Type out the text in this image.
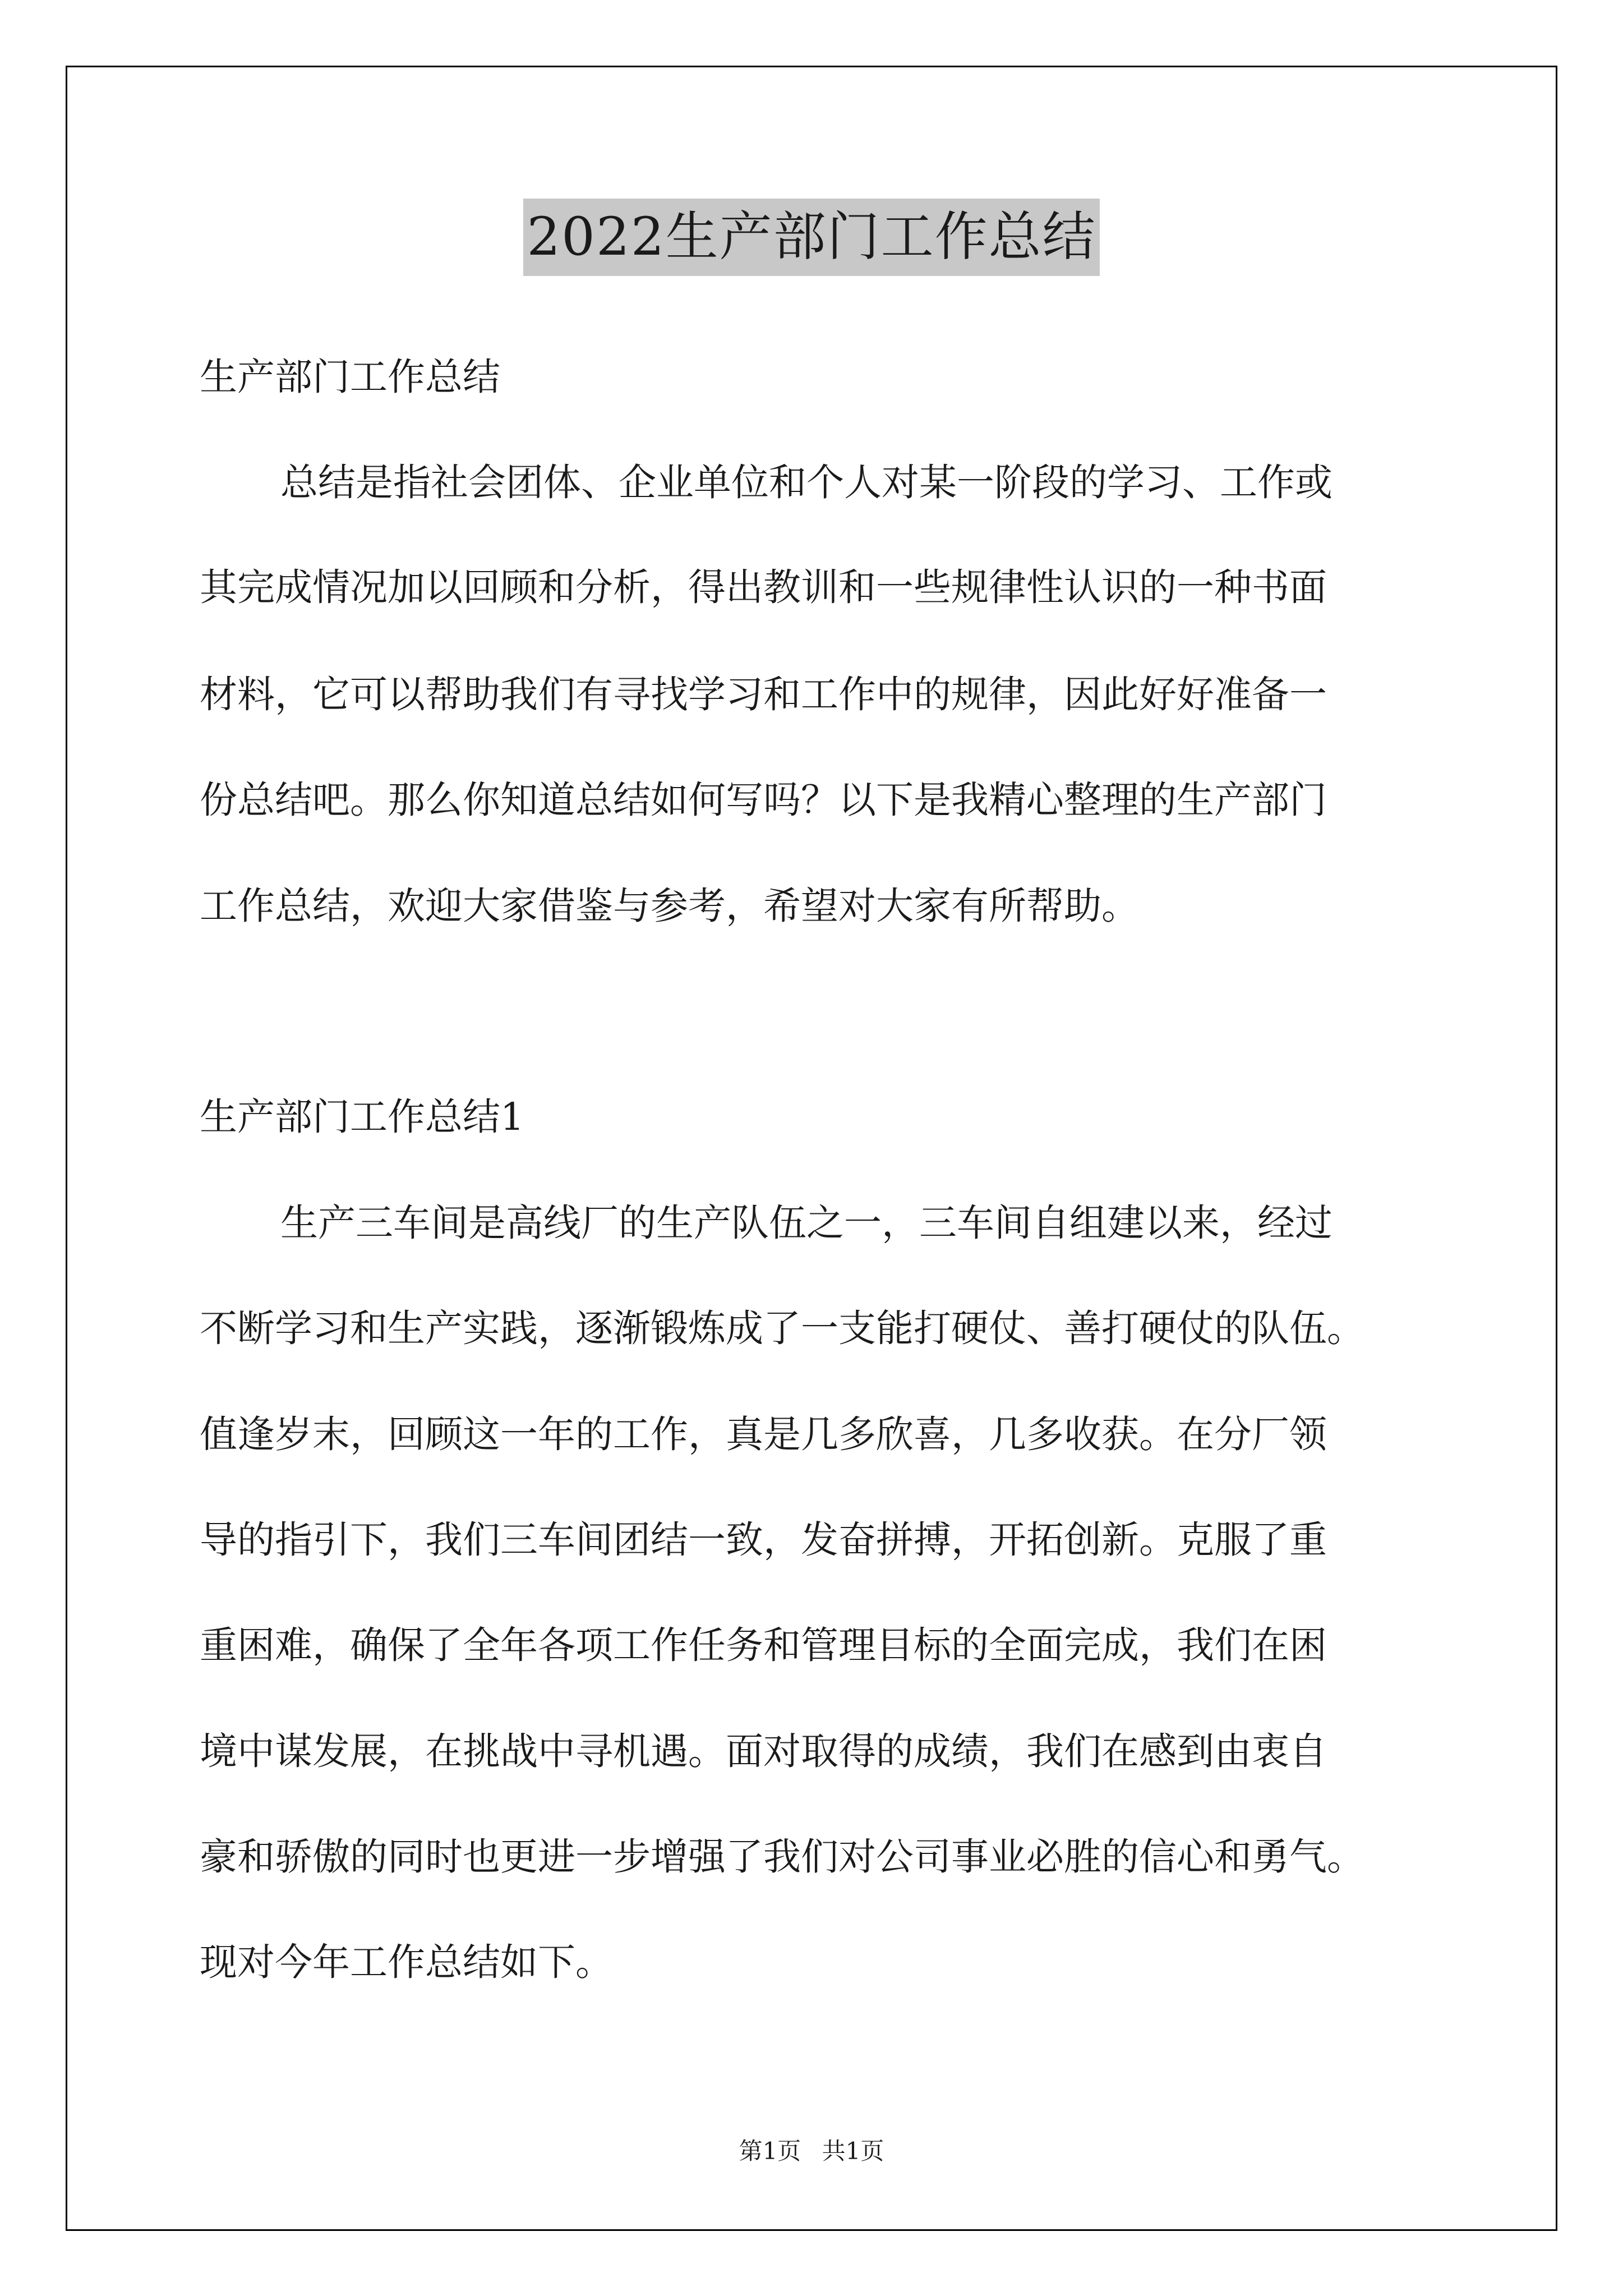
2022生产部门工作总结
生产部门工作总结
总结是指社会团体、企业单位和个人对某一阶段的学习、工作或
其完成情况加以回顾和分析，得出教训和一些规律性认识的一种书面
材料，它可以帮助我们有寻找学习和工作中的规律，因此好好准备一
份总结吧。那么你知道总结如何写吗？以下是我精心整理的生产部门
工作总结，欢迎大家借鉴与参考，希望对大家有所帮助。
生产部门工作总结1
生产三车间是高线厂的生产队伍之一，三车间自组建以来，经过
不断学习和生产实践，逐渐锻炼成了一支能打硬仗、善打硬仗的队伍。
值逢岁末，回顾这一年的工作，真是几多欣喜，几多收获。在分厂领
导的指引下，我们三车间团结一致，发奋拼搏，开拓创新。克服了重
重困难，确保了全年各项工作任务和管理目标的全面完成，我们在困
境中谋发展，在挑战中寻机遇。面对取得的成绩，我们在感到由衷自
豪和骄傲的同时也更进一步增强了我们对公司事业必胜的信心和勇气。
现对今年工作总结如下。
第1页 共1页
